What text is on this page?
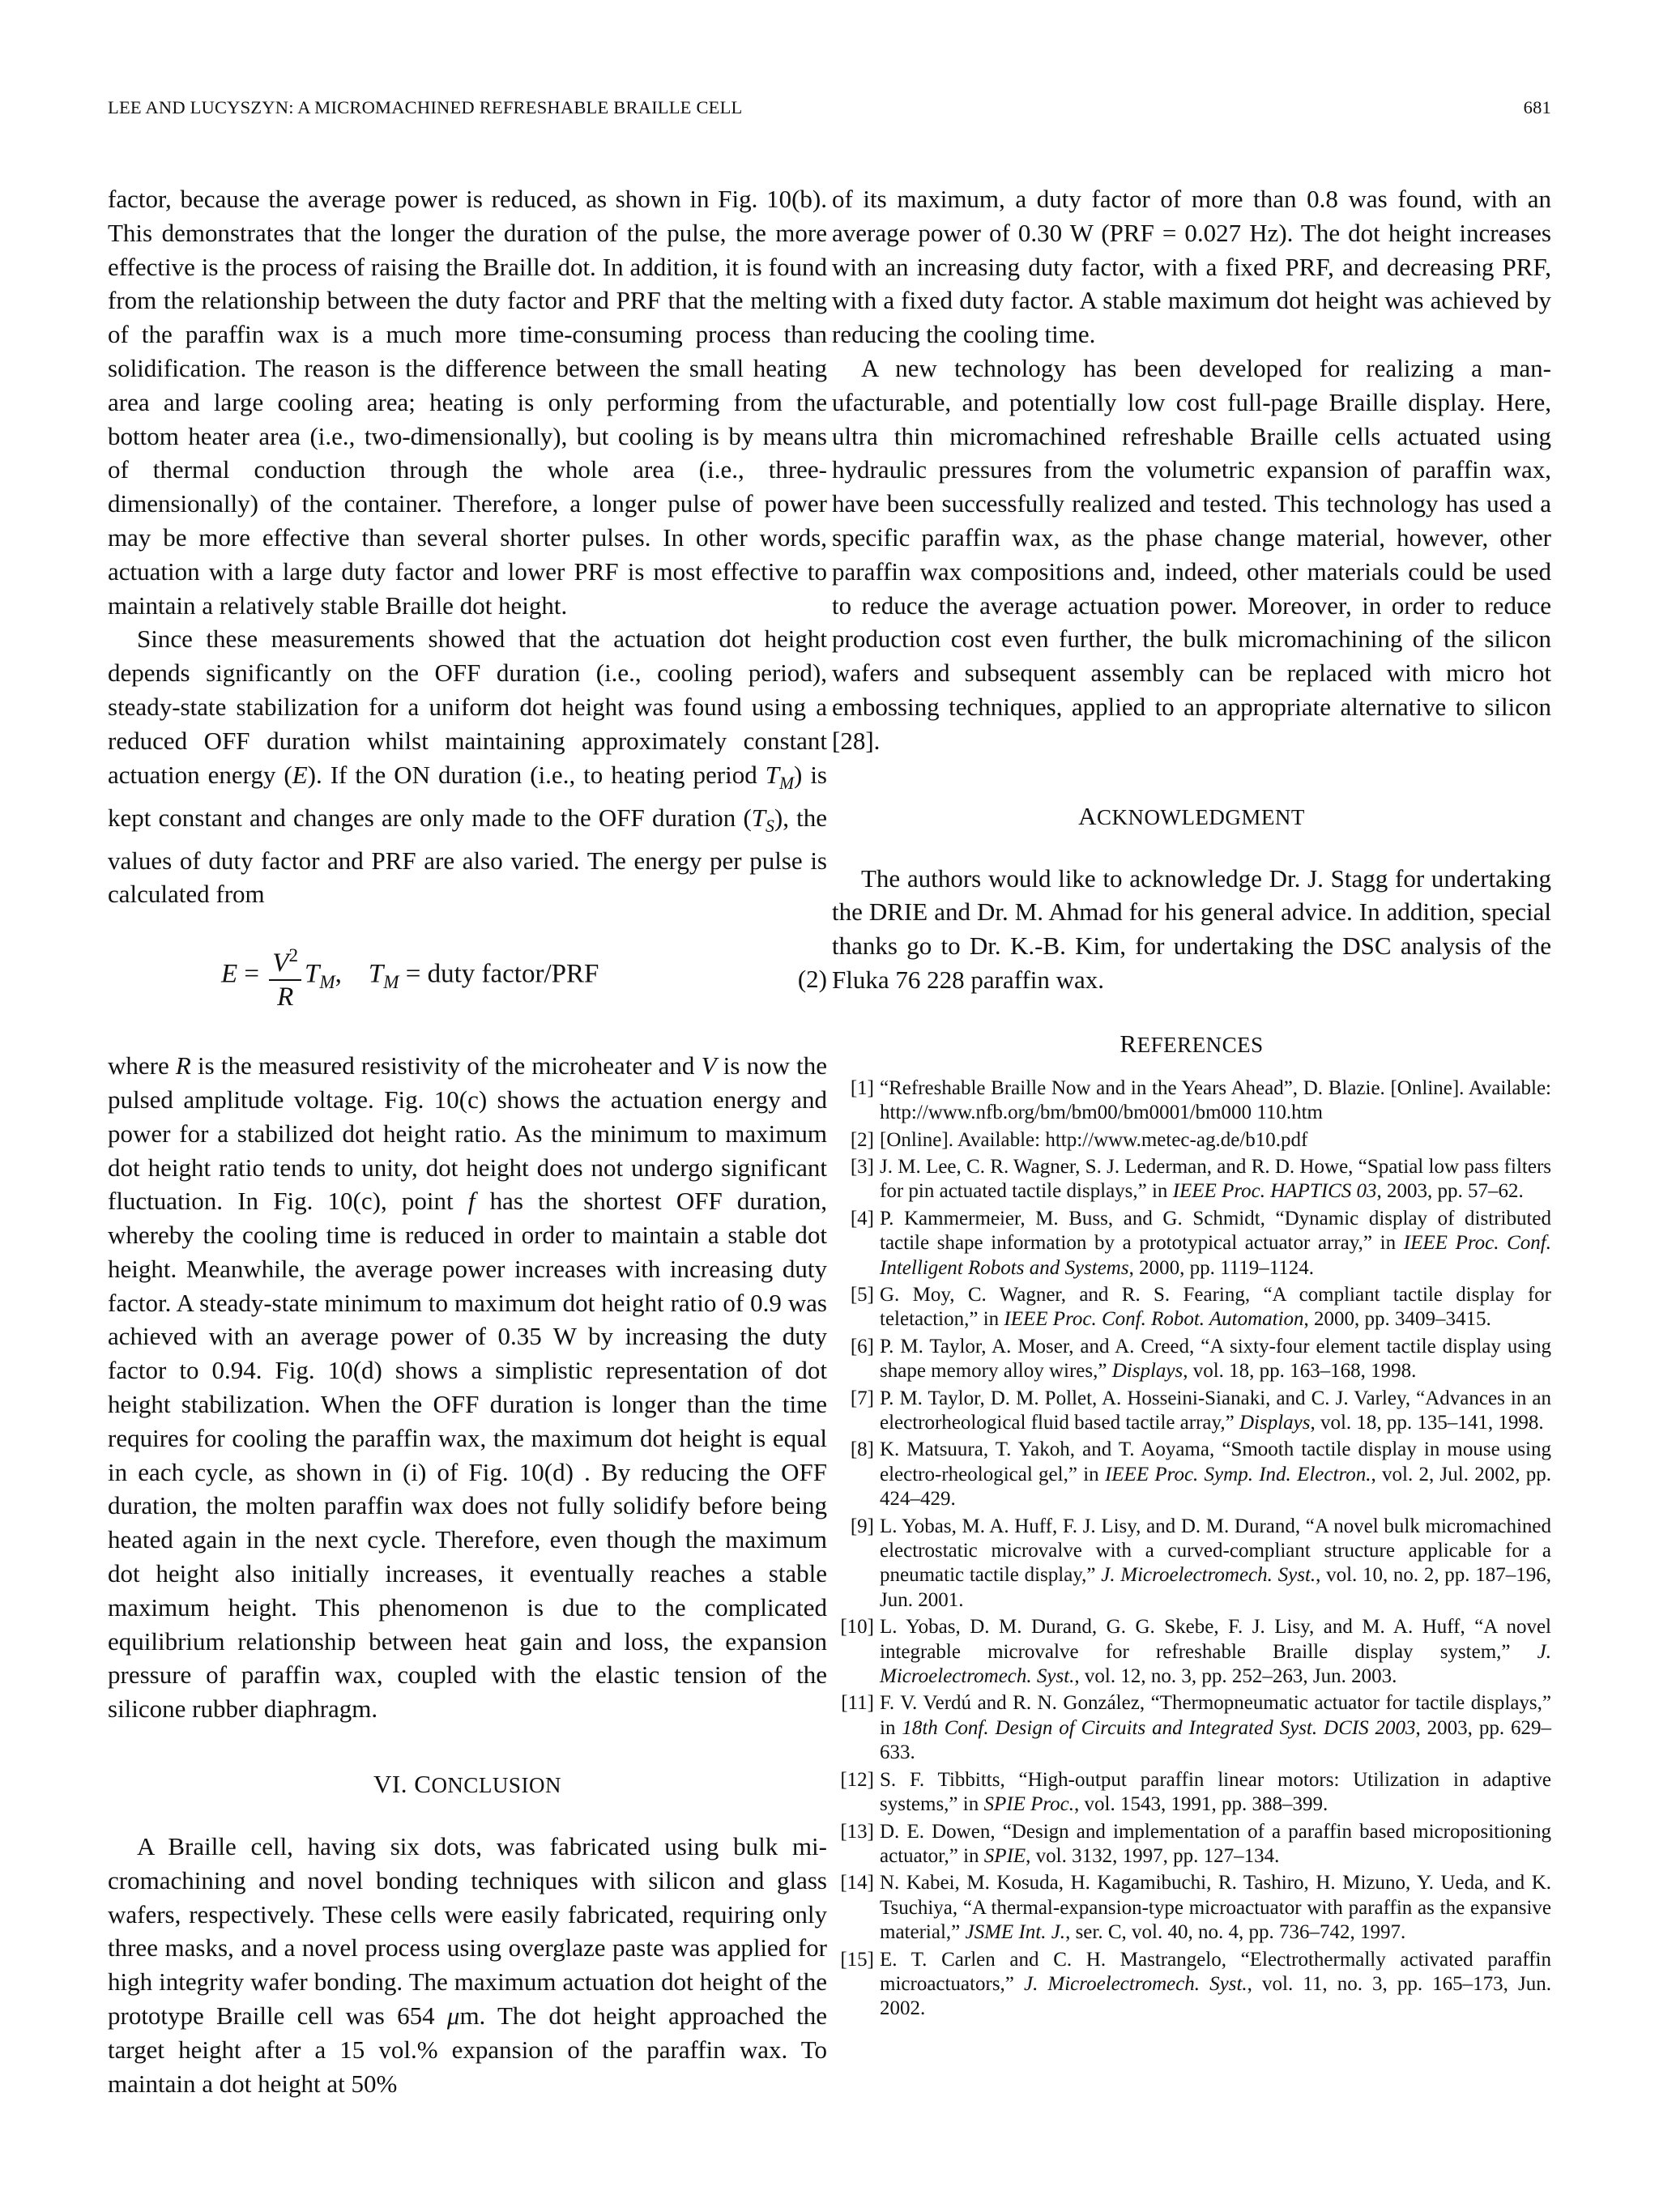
LEE AND LUCYSZYN: A MICROMACHINED REFRESHABLE BRAILLE CELL	681

factor, because the average power is reduced, as shown in Fig. 10(b). This demonstrates that the longer the duration of the pulse, the more effective is the process of raising the Braille dot. In addition, it is found from the relationship between the duty factor and PRF that the melting of the paraffin wax is a much more time-consuming process than solidification. The reason is the difference between the small heating area and large cooling area; heating is only performing from the bottom heater area (i.e., two-dimensionally), but cooling is by means of thermal conduction through the whole area (i.e., three-dimensionally) of the container. Therefore, a longer pulse of power may be more effective than several shorter pulses. In other words, actuation with a large duty factor and lower PRF is most effective to maintain a relatively stable Braille dot height.

Since these measurements showed that the actuation dot height depends significantly on the OFF duration (i.e., cooling period), steady-state stabilization for a uniform dot height was found using a reduced OFF duration whilst maintaining approximately constant actuation energy (E). If the ON duration (i.e., to heating period $T_M$) is kept constant and changes are only made to the OFF duration $(T_S)$, the values of duty factor and PRF are also varied. The energy per pulse is calculated from

$E = \frac{V^2}{R} T_M$, $T_M$ = duty factor/PRF	(2)

where R is the measured resistivity of the microheater and V is now the pulsed amplitude voltage. Fig. 10(c) shows the actuation energy and power for a stabilized dot height ratio. As the minimum to maximum dot height ratio tends to unity, dot height does not undergo significant fluctuation. In Fig. 10(c), point f has the shortest OFF duration, whereby the cooling time is reduced in order to maintain a stable dot height. Meanwhile, the average power increases with increasing duty factor. A steady-state minimum to maximum dot height ratio of 0.9 was achieved with an average power of 0.35 W by increasing the duty factor to 0.94. Fig. 10(d) shows a simplistic representation of dot height stabilization. When the OFF duration is longer than the time requires for cooling the paraffin wax, the maximum dot height is equal in each cycle, as shown in (i) of Fig. 10(d) . By reducing the OFF duration, the molten paraffin wax does not fully solidify before being heated again in the next cycle. Therefore, even though the maximum dot height also initially increases, it eventually reaches a stable maximum height. This phenomenon is due to the complicated equilibrium relationship between heat gain and loss, the expansion pressure of paraffin wax, coupled with the elastic tension of the silicone rubber diaphragm.

VI. CONCLUSION

A Braille cell, having six dots, was fabricated using bulk micromachining and novel bonding techniques with silicon and glass wafers, respectively. These cells were easily fabricated, requiring only three masks, and a novel process using overglaze paste was applied for high integrity wafer bonding. The maximum actuation dot height of the prototype Braille cell was 654 μm. The dot height approached the target height after a 15 vol.% expansion of the paraffin wax. To maintain a dot height at 50%

of its maximum, a duty factor of more than 0.8 was found, with an average power of 0.30 W (PRF = 0.027 Hz). The dot height increases with an increasing duty factor, with a fixed PRF, and decreasing PRF, with a fixed duty factor. A stable maximum dot height was achieved by reducing the cooling time.

A new technology has been developed for realizing a manufacturable, and potentially low cost full-page Braille display. Here, ultra thin micromachined refreshable Braille cells actuated using hydraulic pressures from the volumetric expansion of paraffin wax, have been successfully realized and tested. This technology has used a specific paraffin wax, as the phase change material, however, other paraffin wax compositions and, indeed, other materials could be used to reduce the average actuation power. Moreover, in order to reduce production cost even further, the bulk micromachining of the silicon wafers and subsequent assembly can be replaced with micro hot embossing techniques, applied to an appropriate alternative to silicon [28].

ACKNOWLEDGMENT

The authors would like to acknowledge Dr. J. Stagg for undertaking the DRIE and Dr. M. Ahmad for his general advice. In addition, special thanks go to Dr. K.-B. Kim, for undertaking the DSC analysis of the Fluka 76 228 paraffin wax.

REFERENCES

[1] “Refreshable Braille Now and in the Years Ahead”, D. Blazie. [Online]. Available: http://www.nfb.org/bm/bm00/bm0001/bm000 110.htm

[2] [Online]. Available: http://www.metec-ag.de/b10.pdf

[3] J. M. Lee, C. R. Wagner, S. J. Lederman, and R. D. Howe, “Spatial low pass filters for pin actuated tactile displays,” in IEEE Proc. HAPTICS 03, 2003, pp. 57–62.

[4] P. Kammermeier, M. Buss, and G. Schmidt, “Dynamic display of distributed tactile shape information by a prototypical actuator array,” in IEEE Proc. Conf. Intelligent Robots and Systems, 2000, pp. 1119–1124.

[5] G. Moy, C. Wagner, and R. S. Fearing, “A compliant tactile display for teletaction,” in IEEE Proc. Conf. Robot. Automation, 2000, pp. 3409–3415.

[6] P. M. Taylor, A. Moser, and A. Creed, “A sixty-four element tactile display using shape memory alloy wires,” Displays, vol. 18, pp. 163–168, 1998.

[7] P. M. Taylor, D. M. Pollet, A. Hosseini-Sianaki, and C. J. Varley, “Advances in an electrorheological fluid based tactile array,” Displays, vol. 18, pp. 135–141, 1998.

[8] K. Matsuura, T. Yakoh, and T. Aoyama, “Smooth tactile display in mouse using electro-rheological gel,” in IEEE Proc. Symp. Ind. Electron., vol. 2, Jul. 2002, pp. 424–429.

[9] L. Yobas, M. A. Huff, F. J. Lisy, and D. M. Durand, “A novel bulk micromachined electrostatic microvalve with a curved-compliant structure applicable for a pneumatic tactile display,” J. Microelectromech. Syst., vol. 10, no. 2, pp. 187–196, Jun. 2001.

[10] L. Yobas, D. M. Durand, G. G. Skebe, F. J. Lisy, and M. A. Huff, “A novel integrable microvalve for refreshable Braille display system,” J. Microelectromech. Syst., vol. 12, no. 3, pp. 252–263, Jun. 2003.

[11] F. V. Verdú and R. N. González, “Thermopneumatic actuator for tactile displays,” in 18th Conf. Design of Circuits and Integrated Syst. DCIS 2003, 2003, pp. 629–633.

[12] S. F. Tibbitts, “High-output paraffin linear motors: Utilization in adaptive systems,” in SPIE Proc., vol. 1543, 1991, pp. 388–399.

[13] D. E. Dowen, “Design and implementation of a paraffin based micropositioning actuator,” in SPIE, vol. 3132, 1997, pp. 127–134.

[14] N. Kabei, M. Kosuda, H. Kagamibuchi, R. Tashiro, H. Mizuno, Y. Ueda, and K. Tsuchiya, “A thermal-expansion-type microactuator with paraffin as the expansive material,” JSME Int. J., ser. C, vol. 40, no. 4, pp. 736–742, 1997.

[15] E. T. Carlen and C. H. Mastrangelo, “Electrothermally activated paraffin microactuators,” J. Microelectromech. Syst., vol. 11, no. 3, pp. 165–173, Jun. 2002.
